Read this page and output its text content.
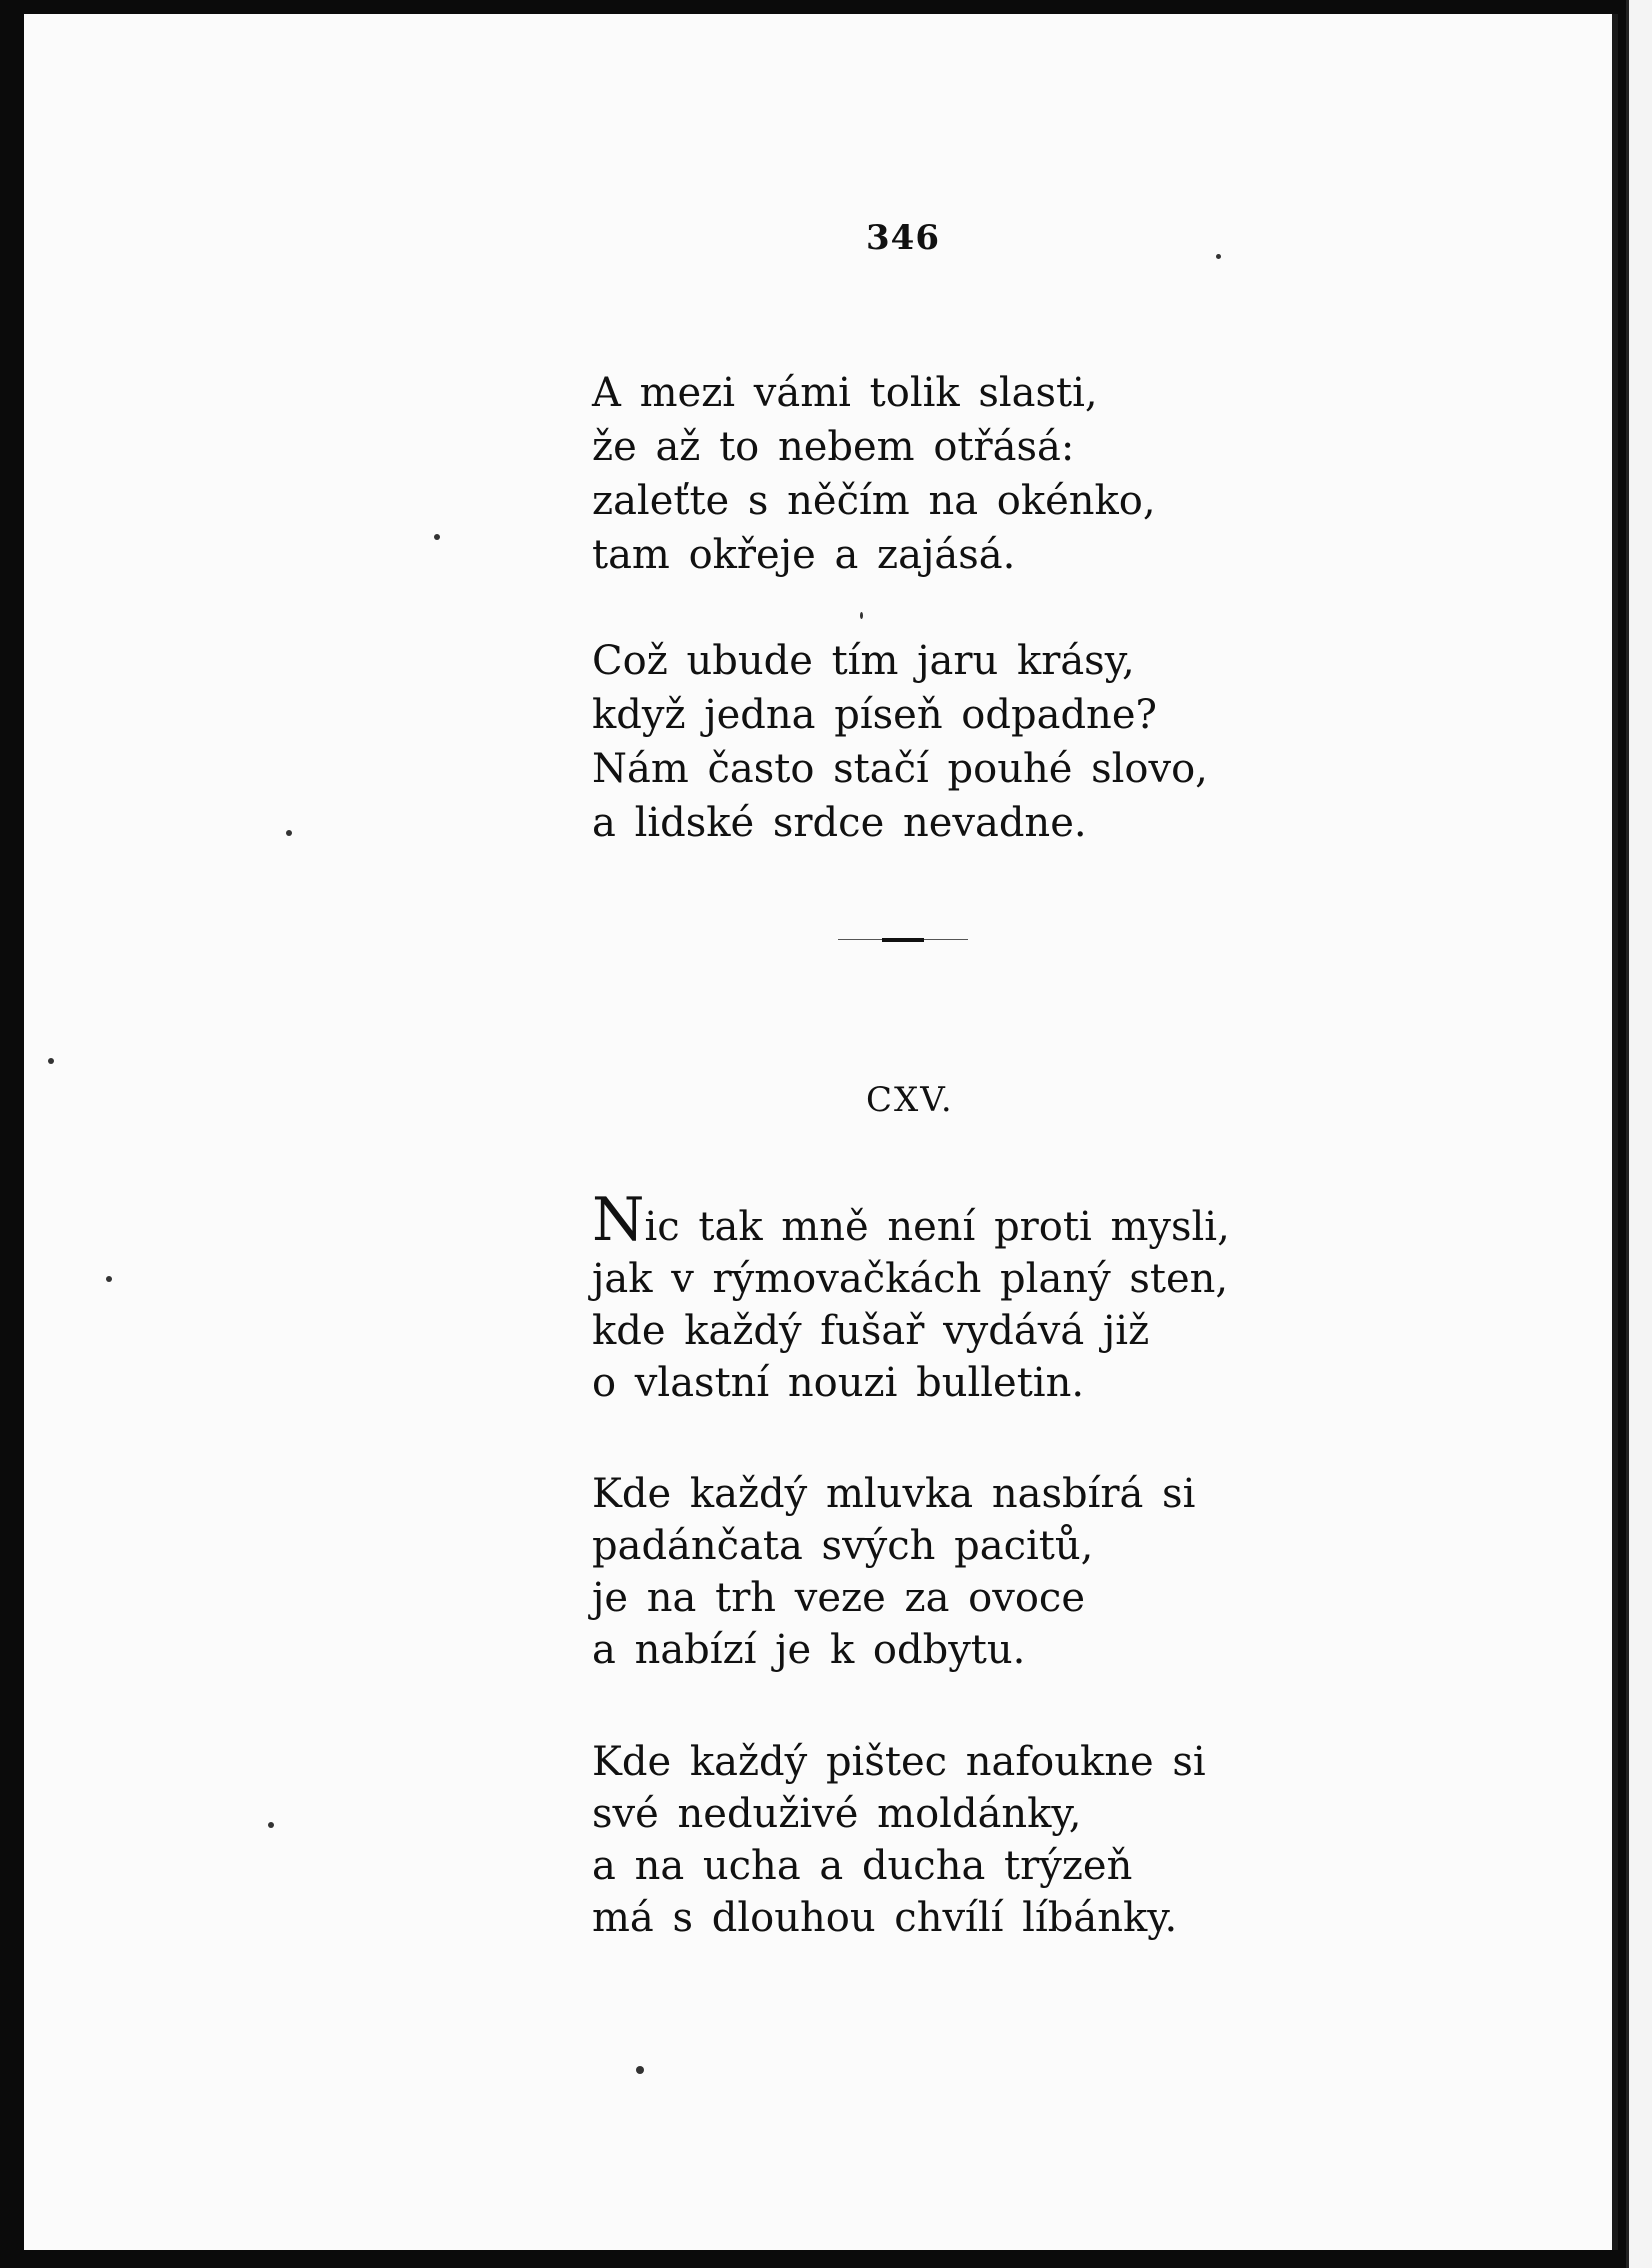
346
A mezi vámi tolik slasti,
že až to nebem otřásá:
zaleťte s něčím na okénko,
tam okřeje a zajásá.
Což ubude tím jaru krásy,
když jedna píseň odpadne?
Nám často stačí pouhé slovo,
a lidské srdce nevadne.
CXV.
Nic tak mně není proti mysli,
jak v rýmovačkách planý sten,
kde každý fušař vydává již
o vlastní nouzi bulletin.
Kde každý mluvka nasbírá si
padánčata svých pacitů,
je na trh veze za ovoce
a nabízí je k odbytu.
Kde každý pištec nafoukne si
své neduživé moldánky,
a na ucha a ducha trýzeň
má s dlouhou chvílí líbánky.
